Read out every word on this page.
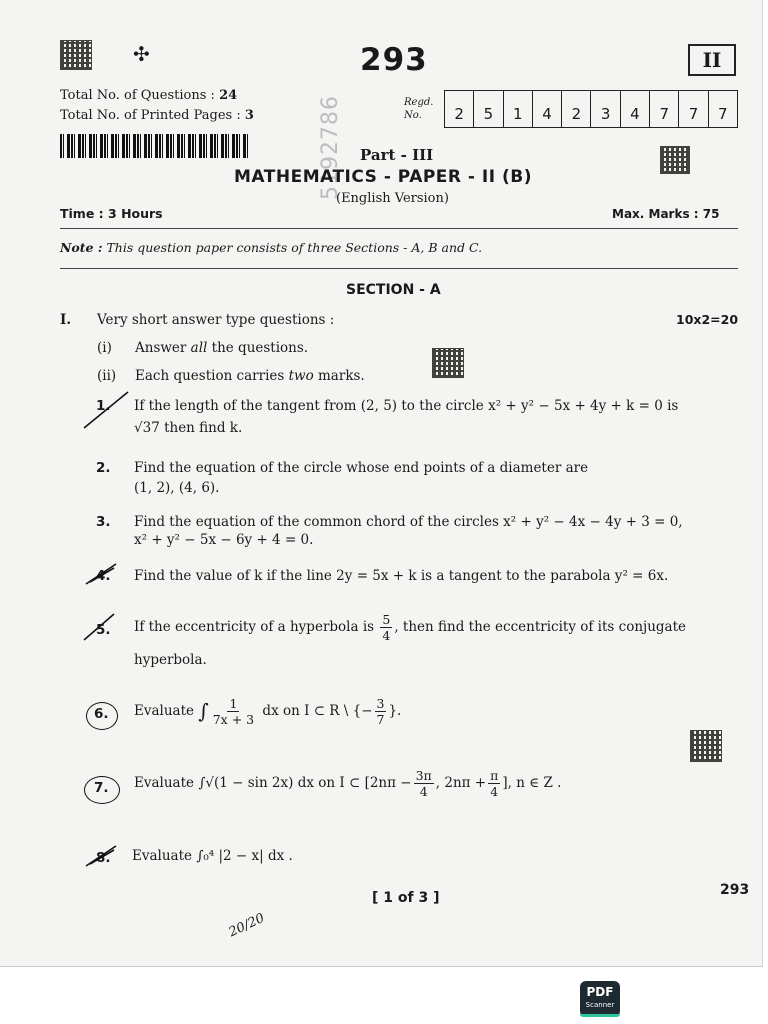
✣	293	II
Total No. of Questions : 24
Total No. of Printed Pages : 3
Regd.
No.	2	5	1	4	2	3	4	7	7	7
5192786 Part - III
MATHEMATICS - PAPER - II (B)
(English Version)
Time : 3 Hours	Max. Marks : 75
Note : This question paper consists of three Sections - A, B and C.
SECTION - A
I. Very short answer type questions :	10x2=20
(i) Answer all the questions.
(ii) Each question carries two marks.
1. If the length of the tangent from (2, 5) to the circle x² + y² − 5x + 4y + k = 0 is
√37 then find k.
2. Find the equation of the circle whose end points of a diameter are
(1, 2), (4, 6).
3. Find the equation of the common chord of the circles x² + y² − 4x − 4y + 3 = 0,
x² + y² − 5x − 6y + 4 = 0.
4. Find the value of k if the line 2y = 5x + k is a tangent to the parabola y² = 6x.
5. If the eccentricity of a hyperbola is $\frac{5}{4}$ , then find the eccentricity of its conjugate
hyperbola.
6. Evaluate ∫ $\frac{1}{7x + 3}$ dx on I ⊂ R \ {− $\frac{3}{7}$ }.
7. Evaluate ∫√(1 − sin 2x) dx on I ⊂ [$2n\pi - \frac{3\pi}{4}$ , $2n\pi + \frac{\pi}{4}$ ], n ∈ Z .
8. Evaluate ∫₀⁴ |2 − x| dx .
[ 1 of 3 ]	293
20/20
PDF
Scanner
